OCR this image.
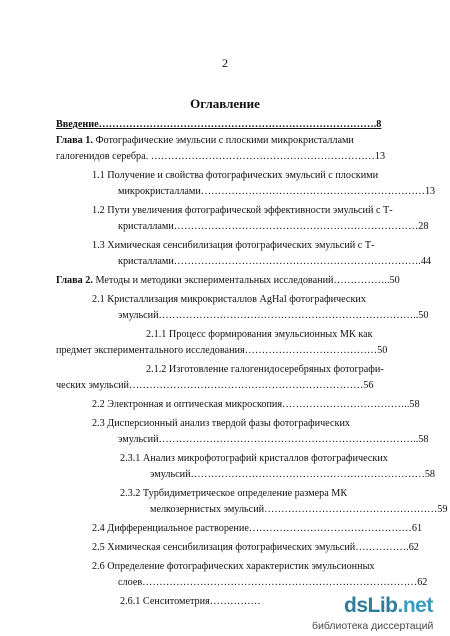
2
Оглавление
Введение……………………………………………………………………….8
Глава 1. Фотографические эмульсии с плоскими микрокристаллами
галогенидов серебра. …………………………………………………………13
1.1 Получение и свойства фотографических эмульсий с плоскими
микрокристаллами…………………………………………………………13
1.2 Пути увеличения фотографической эффективности эмульсий с Т-
кристаллами………………………………………………………………28
1.3 Химическая сенсибилизация фотографических эмульсий с Т-
кристаллами……………………………………………………………….44
Глава 2. Методы и методики экспериментальных исследований……………..50
2.1 Кристаллизация микрокристаллов AgHal фотографических
эмульсий…………………………………………………………………..50
2.1.1 Процесс формирования эмульсионных МК как
предмет экспериментального исследования…………………………………50
2.1.2 Изготовление галогенидосеребряных фотографи-
ческих эмульсий……………………………………………………………56
2.2 Электронная и оптическая микроскопия………………………………..58
2.3 Дисперсионный анализ твердой фазы фотографических
эмульсий…………………………………………………………………..58
2.3.1 Анализ микрофотографий кристаллов фотографических
эмульсий……………………………………………………………58
2.3.2 Турбидиметрическое определение размера МК
мелкозернистых эмульсий……………………………………………59
2.4 Дифференциальное растворение…………………………………………61
2.5 Химическая сенсибилизация фотографических эмульсий…………….62
2.6 Определение фотографических характеристик эмульсионных
слоев………………………………………………………………………62
2.6.1 Сенситометрия……………	dsLib.net
библиотека диссертаций
